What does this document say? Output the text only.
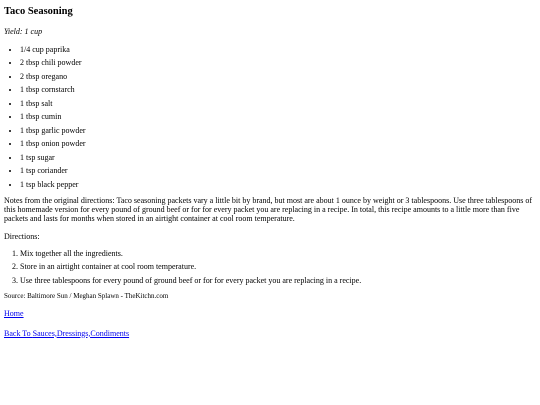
Taco Seasoning

Yield: 1 cup

• 1/4 cup paprika
• 2 tbsp chili powder
• 2 tbsp oregano
• 1 tbsp cornstarch
• 1 tbsp salt
• 1 tbsp cumin
• 1 tbsp garlic powder
• 1 tbsp onion powder
• 1 tsp sugar
• 1 tsp coriander
• 1 tsp black pepper

Notes from the original directions: Taco seasoning packets vary a little bit by brand, but most are about 1 ounce by weight or 3 tablespoons. Use three tablespoons of this homemade version for every pound of ground beef or for for every packet you are replacing in a recipe. In total, this recipe amounts to a little more than five packets and lasts for months when stored in an airtight container at cool room temperature.

Directions:

1. Mix together all the ingredients.
2. Store in an airtight container at cool room temperature.
3. Use three tablespoons for every pound of ground beef or for for every packet you are replacing in a recipe.

Source: Baltimore Sun / Meghan Splawn - TheKitchn.com

Home

Back To Sauces,Dressings,Condiments
